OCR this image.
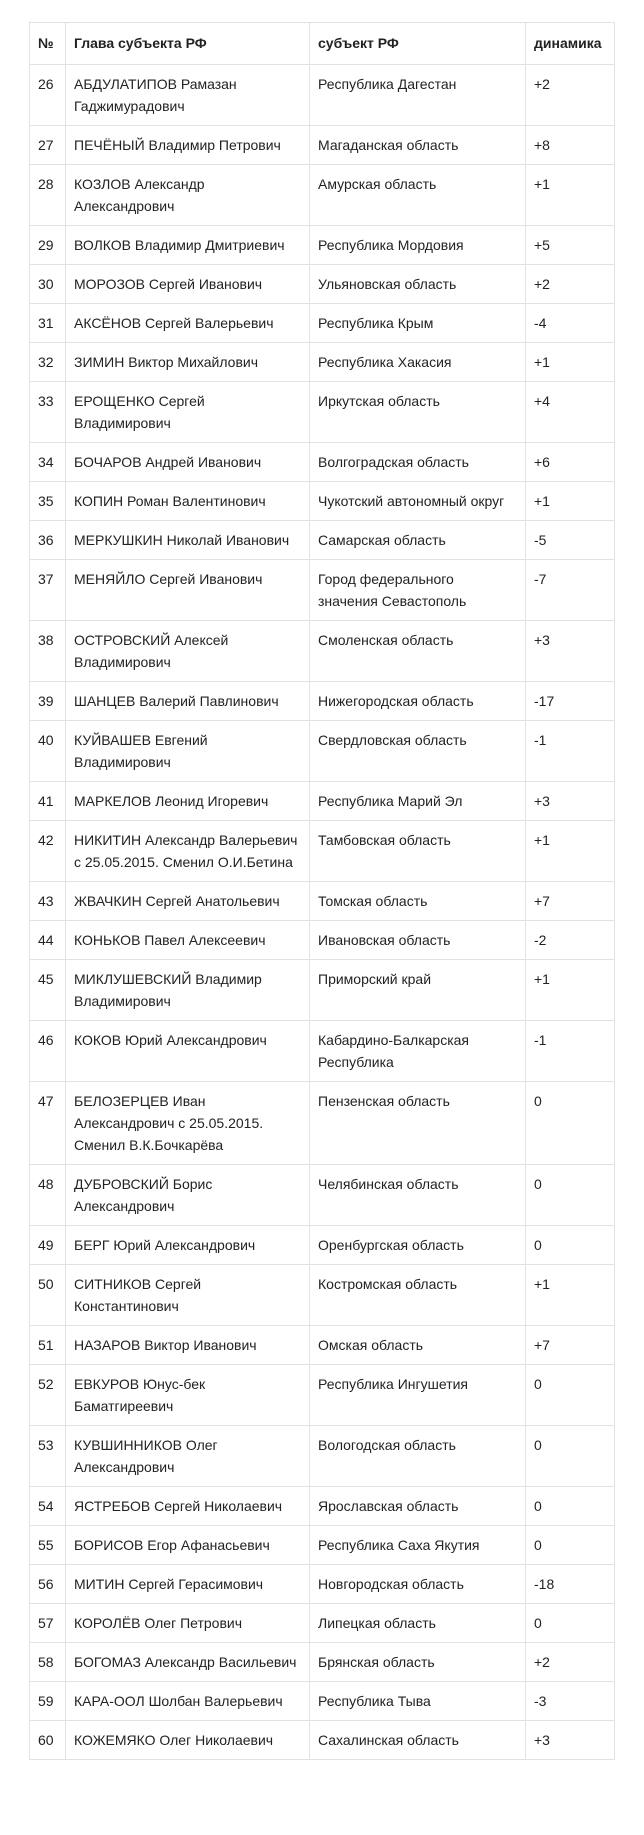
№	Глава субъекта РФ	субъект РФ	динамика
26	АБДУЛАТИПОВ Рамазан Гаджимурадович	Республика Дагестан	+2
27	ПЕЧЁНЫЙ Владимир Петрович	Магаданская область	+8
28	КОЗЛОВ Александр Александрович	Амурская область	+1
29	ВОЛКОВ Владимир Дмитриевич	Республика Мордовия	+5
30	МОРОЗОВ Сергей Иванович	Ульяновская область	+2
31	АКСЁНОВ Сергей Валерьевич	Республика Крым	-4
32	ЗИМИН Виктор Михайлович	Республика Хакасия	+1
33	ЕРОЩЕНКО Сергей Владимирович	Иркутская область	+4
34	БОЧАРОВ Андрей Иванович	Волгоградская область	+6
35	КОПИН Роман Валентинович	Чукотский автономный округ	+1
36	МЕРКУШКИН Николай Иванович	Самарская область	-5
37	МЕНЯЙЛО Сергей Иванович	Город федерального значения Севастополь	-7
38	ОСТРОВСКИЙ Алексей Владимирович	Смоленская область	+3
39	ШАНЦЕВ Валерий Павлинович	Нижегородская область	-17
40	КУЙВАШЕВ Евгений Владимирович	Свердловская область	-1
41	МАРКЕЛОВ Леонид Игоревич	Республика Марий Эл	+3
42	НИКИТИН Александр Валерьевич с 25.05.2015. Сменил О.И.Бетина	Тамбовская область	+1
43	ЖВАЧКИН Сергей Анатольевич	Томская область	+7
44	КОНЬКОВ Павел Алексеевич	Ивановская область	-2
45	МИКЛУШЕВСКИЙ Владимир Владимирович	Приморский край	+1
46	КОКОВ Юрий Александрович	Кабардино-Балкарская Республика	-1
47	БЕЛОЗЕРЦЕВ Иван Александрович с 25.05.2015. Сменил В.К.Бочкарёва	Пензенская область	0
48	ДУБРОВСКИЙ Борис Александрович	Челябинская область	0
49	БЕРГ Юрий Александрович	Оренбургская область	0
50	СИТНИКОВ Сергей Константинович	Костромская область	+1
51	НАЗАРОВ Виктор Иванович	Омская область	+7
52	ЕВКУРОВ Юнус-бек Баматгиреевич	Республика Ингушетия	0
53	КУВШИННИКОВ Олег Александрович	Вологодская область	0
54	ЯСТРЕБОВ Сергей Николаевич	Ярославская область	0
55	БОРИСОВ Егор Афанасьевич	Республика Саха Якутия	0
56	МИТИН Сергей Герасимович	Новгородская область	-18
57	КОРОЛЁВ Олег Петрович	Липецкая область	0
58	БОГОМАЗ Александр Васильевич	Брянская область	+2
59	КАРА-ООЛ Шолбан Валерьевич	Республика Тыва	-3
60	КОЖЕМЯКО Олег Николаевич	Сахалинская область	+3
